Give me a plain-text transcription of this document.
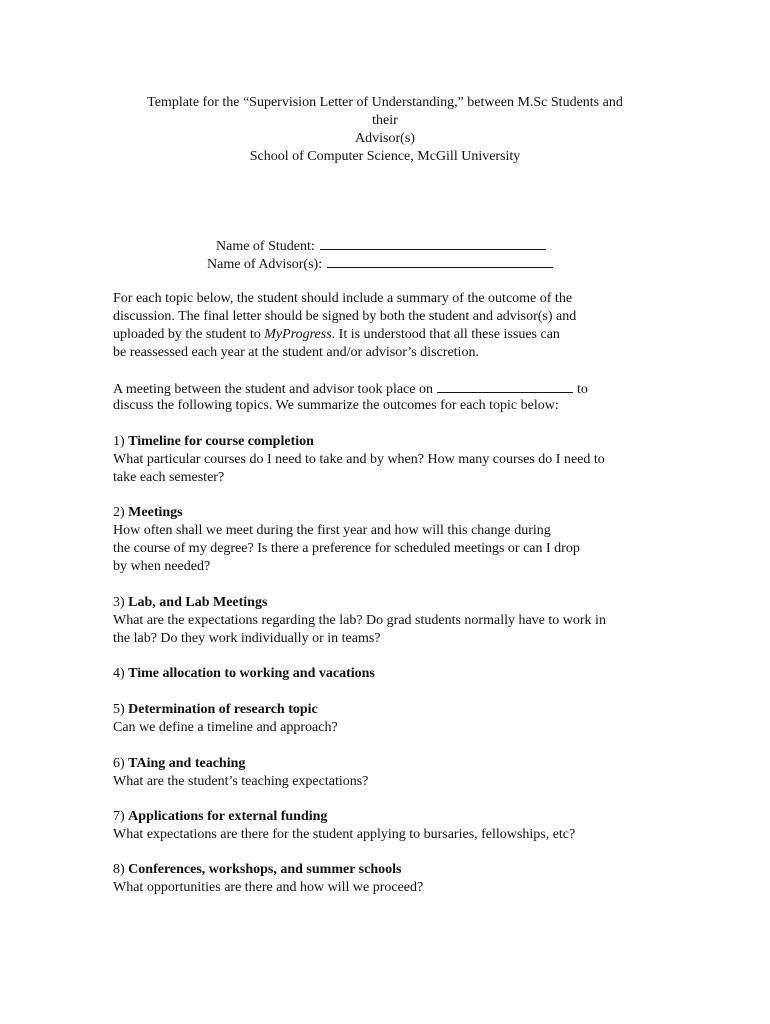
Template for the “Supervision Letter of Understanding,” between M.Sc Students and
their
Advisor(s)
School of Computer Science, McGill University
Name of Student:
Name of Advisor(s):
For each topic below, the student should include a summary of the outcome of the
discussion. The final letter should be signed by both the student and advisor(s) and
uploaded by the student to MyProgress. It is understood that all these issues can
be reassessed each year at the student and/or advisor’s discretion.
A meeting between the student and advisor took place on	to
discuss the following topics. We summarize the outcomes for each topic below:
1) Timeline for course completion
What particular courses do I need to take and by when? How many courses do I need to
take each semester?
2) Meetings
How often shall we meet during the first year and how will this change during
the course of my degree? Is there a preference for scheduled meetings or can I drop
by when needed?
3) Lab, and Lab Meetings
What are the expectations regarding the lab? Do grad students normally have to work in
the lab? Do they work individually or in teams?
4) Time allocation to working and vacations
5) Determination of research topic
Can we define a timeline and approach?
6) TAing and teaching
What are the student’s teaching expectations?
7) Applications for external funding
What expectations are there for the student applying to bursaries, fellowships, etc?
8) Conferences, workshops, and summer schools
What opportunities are there and how will we proceed?
